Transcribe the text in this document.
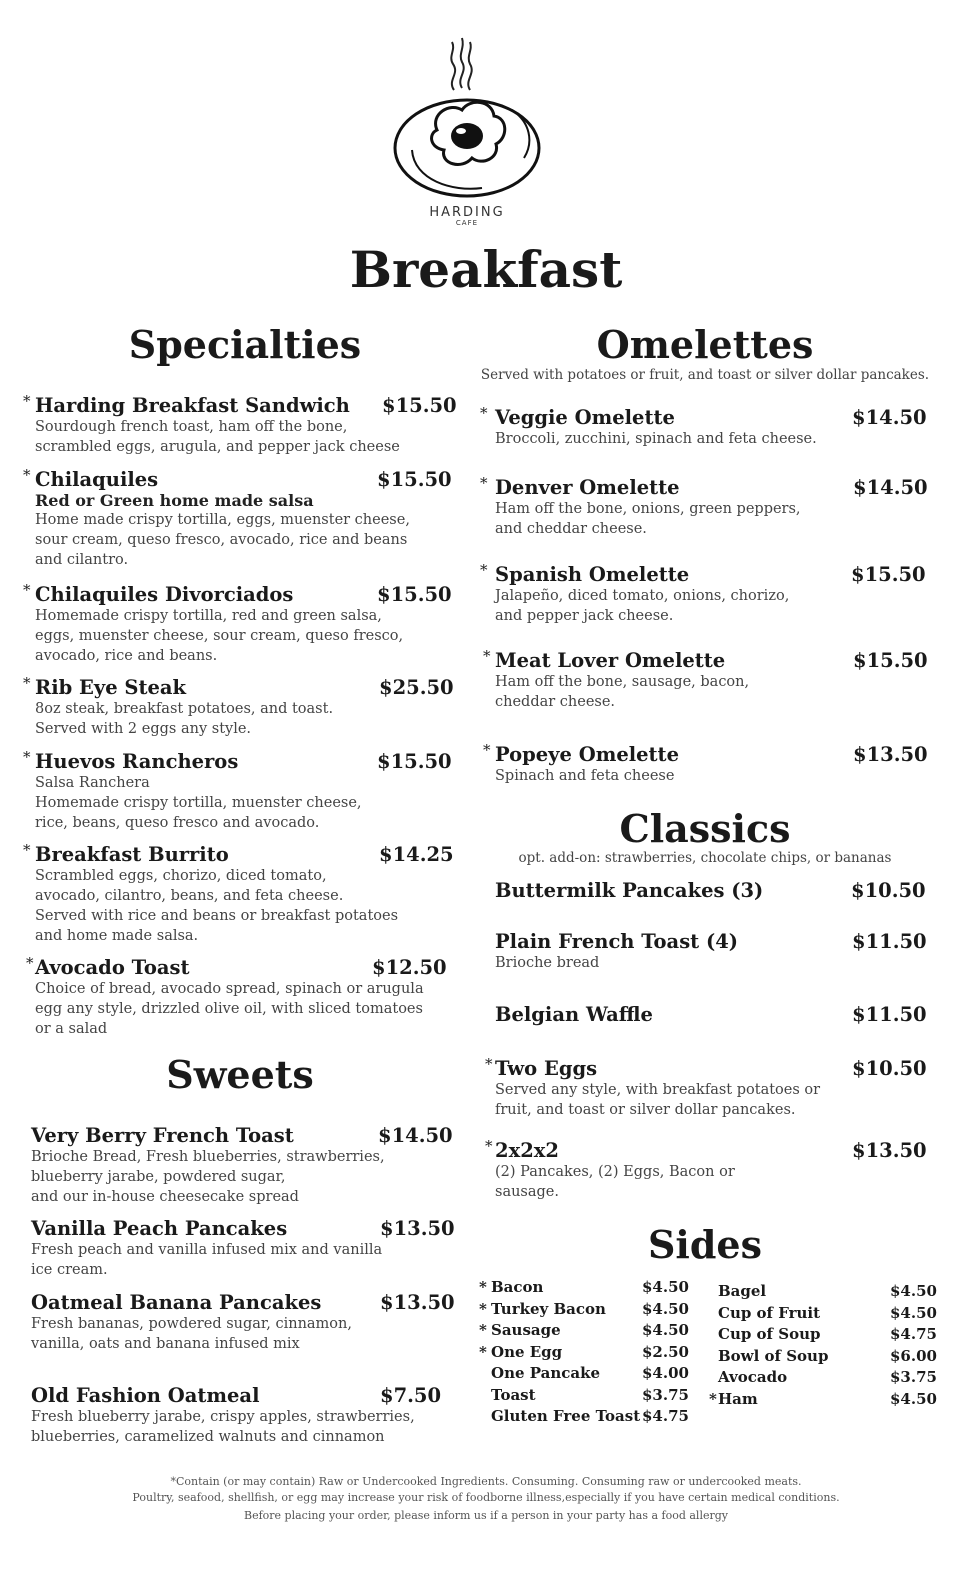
HARDING
CAFE
Breakfast
Specialties
* Harding Breakfast Sandwich	$15.50
Sourdough french toast, ham off the bone,
scrambled eggs, arugula, and pepper jack cheese
* Chilaquiles	$15.50
Red or Green home made salsa
Home made crispy tortilla, eggs, muenster cheese,
sour cream, queso fresco, avocado, rice and beans
and cilantro.
* Chilaquiles Divorciados	$15.50
Homemade crispy tortilla, red and green salsa,
eggs, muenster cheese, sour cream, queso fresco,
avocado, rice and beans.
* Rib Eye Steak	$25.50
8oz steak, breakfast potatoes, and toast.
Served with 2 eggs any style.
* Huevos Rancheros	$15.50
Salsa Ranchera
Homemade crispy tortilla, muenster cheese,
rice, beans, queso fresco and avocado.
* Breakfast Burrito	$14.25
Scrambled eggs, chorizo, diced tomato,
avocado, cilantro, beans, and feta cheese.
Served with rice and beans or breakfast potatoes
and home made salsa.
* Avocado Toast	$12.50
Choice of bread, avocado spread, spinach or arugula
egg any style, drizzled olive oil, with sliced tomatoes
or a salad
Sweets
Very Berry French Toast	$14.50
Brioche Bread, Fresh blueberries, strawberries,
blueberry jarabe, powdered sugar,
and our in-house cheesecake spread
Vanilla Peach Pancakes	$13.50
Fresh peach and vanilla infused mix and vanilla
ice cream.
Oatmeal Banana Pancakes	$13.50
Fresh bananas, powdered sugar, cinnamon,
vanilla, oats and banana infused mix
Old Fashion Oatmeal	$7.50
Fresh blueberry jarabe, crispy apples, strawberries,
blueberries, caramelized walnuts and cinnamon
Omelettes
Served with potatoes or fruit, and toast or silver dollar pancakes.
* Veggie Omelette	$14.50
Broccoli, zucchini, spinach and feta cheese.
* Denver Omelette	$14.50
Ham off the bone, onions, green peppers,
and cheddar cheese.
* Spanish Omelette	$15.50
Jalapeño, diced tomato, onions, chorizo,
and pepper jack cheese.
* Meat Lover Omelette	$15.50
Ham off the bone, sausage, bacon,
cheddar cheese.
* Popeye Omelette	$13.50
Spinach and feta cheese
Classics
opt. add-on: strawberries, chocolate chips, or bananas
Buttermilk Pancakes (3)	$10.50
Plain French Toast (4)	$11.50
Brioche bread
Belgian Waffle	$11.50
* Two Eggs	$10.50
Served any style, with breakfast potatoes or
fruit, and toast or silver dollar pancakes.
* 2x2x2	$13.50
(2) Pancakes, (2) Eggs, Bacon or
sausage.
Sides
* Bacon	$4.50
* Turkey Bacon $4.50
* Sausage	$4.50
* One Egg	$2.50
One Pancake	$4.00
Toast	$3.75
Gluten Free Toast $4.75
Bagel	$4.50
Cup of Fruit	$4.50
Cup of Soup	$4.75
Bowl of Soup	$6.00
Avocado	$3.75
* Ham	$4.50
*Contain (or may contain) Raw or Undercooked Ingredients. Consuming. Consuming raw or undercooked meats.
Poultry, seafood, shellfish, or egg may increase your risk of foodborne illness,especially if you have certain medical conditions.
Before placing your order, please inform us if a person in your party has a food allergy
